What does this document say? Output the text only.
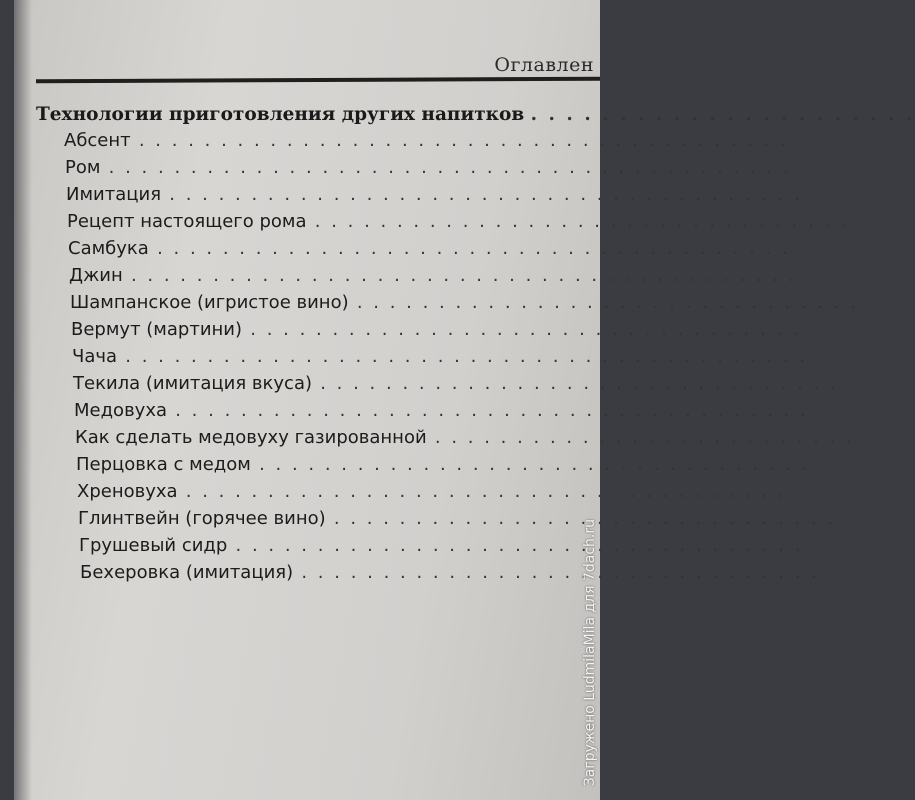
Оглавлен
Технологии приготовления других напитков . . . . . . . . . . . . . . . . . . . . . .
Абсент . . . . . . . . . . . . . . . . . . . . . . . . . . . . . . . . . . . . . . . .
Ром . . . . . . . . . . . . . . . . . . . . . . . . . . . . . . . . . . . . . . . . . .
Имитация . . . . . . . . . . . . . . . . . . . . . . . . . . . . . . . . . . . . . . .
Рецепт настоящего рома . . . . . . . . . . . . . . . . . . . . . . . . . . . . . . . . .
Самбука . . . . . . . . . . . . . . . . . . . . . . . . . . . . . . . . . . . . . . .
Джин . . . . . . . . . . . . . . . . . . . . . . . . . . . . . . . . . . . . . . . . . .
Шампанское (игристое вино) . . . . . . . . . . . . . . . . . . . . . . . . . . . . . . .
Вермут (мартини) . . . . . . . . . . . . . . . . . . . . . . . . . . . . . . . . . .
Чача . . . . . . . . . . . . . . . . . . . . . . . . . . . . . . . . . . . . . . . . . .
Текила (имитация вкуса) . . . . . . . . . . . . . . . . . . . . . . . . . . . . . . . .
Медовуха . . . . . . . . . . . . . . . . . . . . . . . . . . . . . . . . . . . . . . .
Как сделать медовуху газированной . . . . . . . . . . . . . . . . . . . . . . . . . .
Перцовка с медом . . . . . . . . . . . . . . . . . . . . . . . . . . . . . . . . . .
Хреновуха . . . . . . . . . . . . . . . . . . . . . . . . . . . . . . . . . . . . .
Глинтвейн (горячее вино) . . . . . . . . . . . . . . . . . . . . . . . . . . . . . . .
Грушевый сидр . . . . . . . . . . . . . . . . . . . . . . . . . . . . . . . . . . .
Бехеровка (имитация) . . . . . . . . . . . . . . . . . . . . . . . . . . . . . . . .
Загружено LudmilaMila для 7dach.ru
